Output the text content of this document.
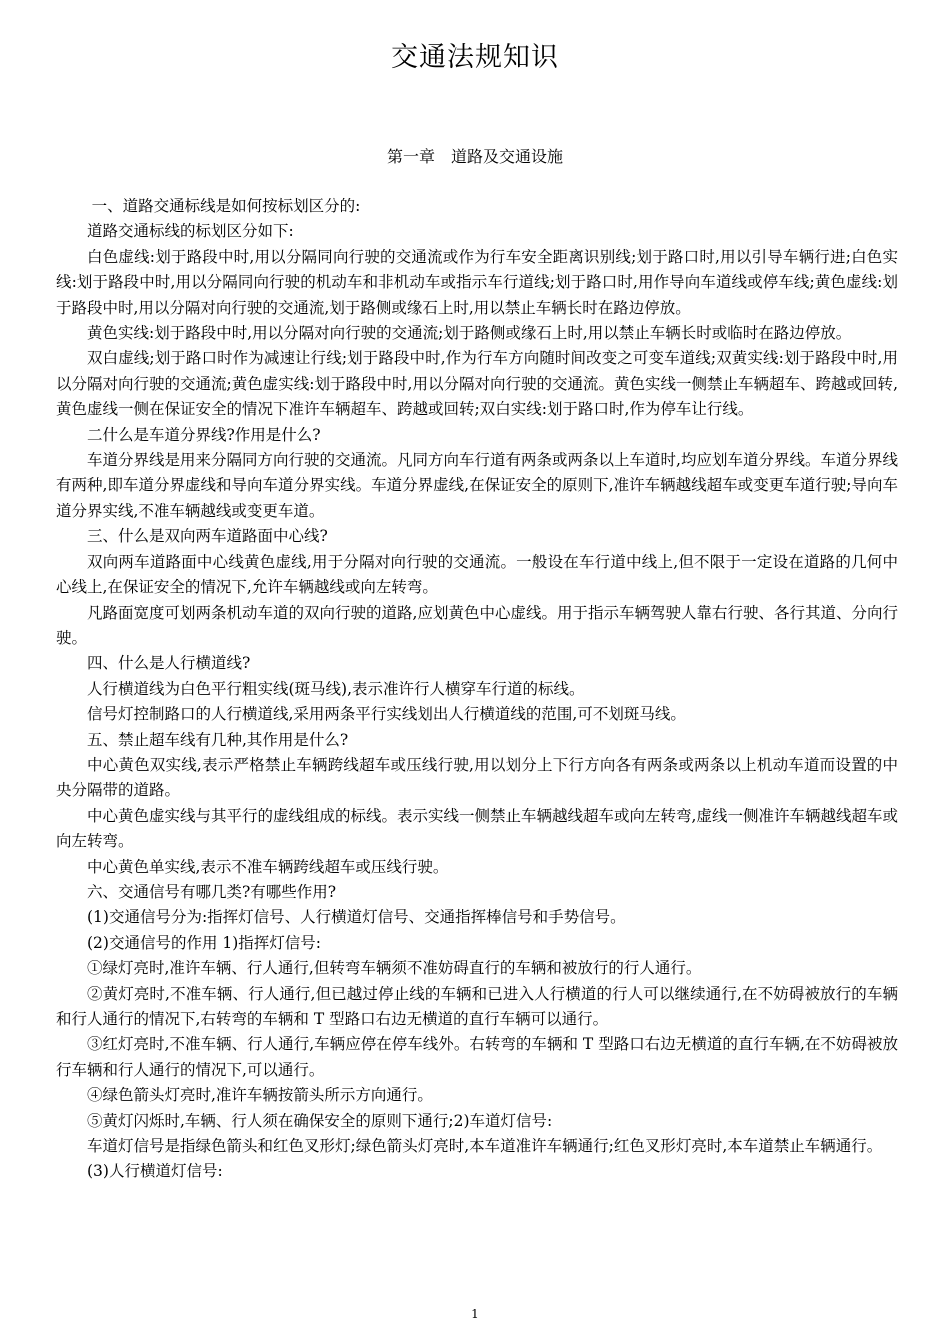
交通法规知识
第一章　道路及交通设施

一、道路交通标线是如何按标划区分的:

道路交通标线的标划区分如下:

白色虚线:划于路段中时,用以分隔同向行驶的交通流或作为行车安全距离识别线;划于路口时,用以引导车辆行进;白色实线:划于路段中时,用以分隔同向行驶的机动车和非机动车或指示车行道线;划于路口时,用作导向车道线或停车线;黄色虚线:划于路段中时,用以分隔对向行驶的交通流,划于路侧或缘石上时,用以禁止车辆长时在路边停放。

黄色实线:划于路段中时,用以分隔对向行驶的交通流;划于路侧或缘石上时,用以禁止车辆长时或临时在路边停放。

双白虚线;划于路口时作为减速让行线;划于路段中时,作为行车方向随时间改变之可变车道线;双黄实线:划于路段中时,用以分隔对向行驶的交通流;黄色虚实线:划于路段中时,用以分隔对向行驶的交通流。黄色实线一侧禁止车辆超车、跨越或回转,黄色虚线一侧在保证安全的情况下准许车辆超车、跨越或回转;双白实线:划于路口时,作为停车让行线。

二什么是车道分界线?作用是什么?

车道分界线是用来分隔同方向行驶的交通流。凡同方向车行道有两条或两条以上车道时,均应划车道分界线。车道分界线有两种,即车道分界虚线和导向车道分界实线。车道分界虚线,在保证安全的原则下,准许车辆越线超车或变更车道行驶;导向车道分界实线,不准车辆越线或变更车道。

三、什么是双向两车道路面中心线?

双向两车道路面中心线黄色虚线,用于分隔对向行驶的交通流。一般设在车行道中线上,但不限于一定设在道路的几何中心线上,在保证安全的情况下,允许车辆越线或向左转弯。

凡路面宽度可划两条机动车道的双向行驶的道路,应划黄色中心虚线。用于指示车辆驾驶人靠右行驶、各行其道、分向行驶。

四、什么是人行横道线?

人行横道线为白色平行粗实线(斑马线),表示准许行人横穿车行道的标线。

信号灯控制路口的人行横道线,采用两条平行实线划出人行横道线的范围,可不划斑马线。

五、禁止超车线有几种,其作用是什么?

中心黄色双实线,表示严格禁止车辆跨线超车或压线行驶,用以划分上下行方向各有两条或两条以上机动车道而设置的中央分隔带的道路。

中心黄色虚实线与其平行的虚线组成的标线。表示实线一侧禁止车辆越线超车或向左转弯,虚线一侧准许车辆越线超车或向左转弯。

中心黄色单实线,表示不准车辆跨线超车或压线行驶。

六、交通信号有哪几类?有哪些作用?

(1)交通信号分为:指挥灯信号、人行横道灯信号、交通指挥棒信号和手势信号。

(2)交通信号的作用 1)指挥灯信号:

①绿灯亮时,准许车辆、行人通行,但转弯车辆须不准妨碍直行的车辆和被放行的行人通行。

②黄灯亮时,不准车辆、行人通行,但已越过停止线的车辆和已进入人行横道的行人可以继续通行,在不妨碍被放行的车辆和行人通行的情况下,右转弯的车辆和 T 型路口右边无横道的直行车辆可以通行。

③红灯亮时,不准车辆、行人通行,车辆应停在停车线外。右转弯的车辆和 T 型路口右边无横道的直行车辆,在不妨碍被放行车辆和行人通行的情况下,可以通行。

④绿色箭头灯亮时,准许车辆按箭头所示方向通行。

⑤黄灯闪烁时,车辆、行人须在确保安全的原则下通行;2)车道灯信号:

车道灯信号是指绿色箭头和红色叉形灯;绿色箭头灯亮时,本车道准许车辆通行;红色叉形灯亮时,本车道禁止车辆通行。

(3)人行横道灯信号:

1
